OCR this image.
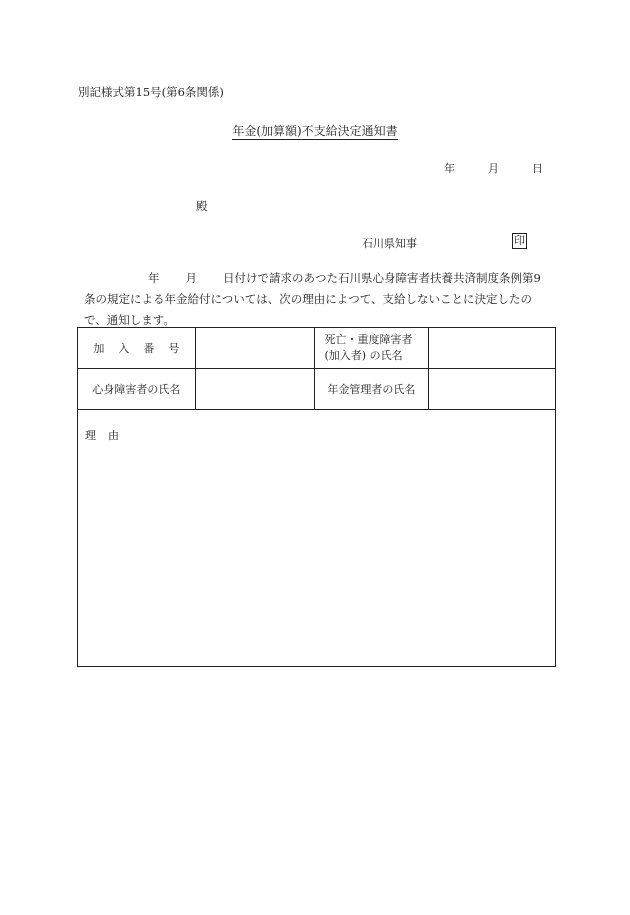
別記様式第15号(第6条関係)
年金(加算額)不支給決定通知書
年	月	日
殿
石川県知事	印
年 月 日付けで請求のあつた石川県心身障害者扶養共済制度条例第9
条の規定による年金給付については、次の理由によつて、支給しないことに決定したの
で、通知します。
加入番号		死亡・重度障害者
(加入者) の氏名	

心身障害者の氏名		年金管理者の氏名	

理由			
